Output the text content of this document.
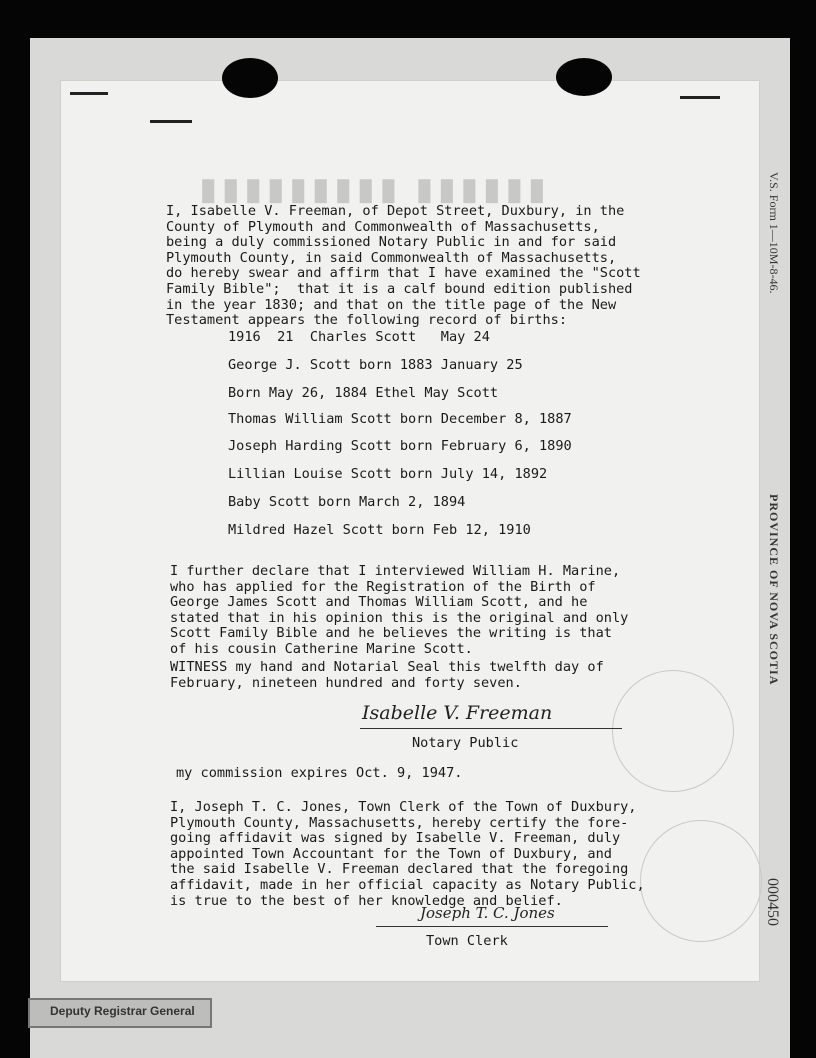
▮▮▮▮▮▮▮▮▮ ▮▮▮▮▮▮
I, Isabelle V. Freeman, of Depot Street, Duxbury, in the
County of Plymouth and Commonwealth of Massachusetts,
being a duly commissioned Notary Public in and for said
Plymouth County, in said Commonwealth of Massachusetts,
do hereby swear and affirm that I have examined the "Scott
Family Bible";  that it is a calf bound edition published
in the year 1830; and that on the title page of the New
Testament appears the following record of births:
1916  21  Charles Scott   May 24
George J. Scott born 1883 January 25
Born May 26, 1884 Ethel May Scott
Thomas William Scott born December 8, 1887
Joseph Harding Scott born February 6, 1890
Lillian Louise Scott born July 14, 1892
Baby Scott born March 2, 1894
Mildred Hazel Scott born Feb 12, 1910
I further declare that I interviewed William H. Marine,
who has applied for the Registration of the Birth of
George James Scott and Thomas William Scott, and he
stated that in his opinion this is the original and only
Scott Family Bible and he believes the writing is that
of his cousin Catherine Marine Scott.
WITNESS my hand and Notarial Seal this twelfth day of
February, nineteen hundred and forty seven.
Isabelle V. Freeman
Notary Public
my commission expires Oct. 9, 1947.
I, Joseph T. C. Jones, Town Clerk of the Town of Duxbury,
Plymouth County, Massachusetts, hereby certify the fore-
going affidavit was signed by Isabelle V. Freeman, duly
appointed Town Accountant for the Town of Duxbury, and
the said Isabelle V. Freeman declared that the foregoing
affidavit, made in her official capacity as Notary Public,
is true to the best of her knowledge and belief.
Joseph T. C. Jones
Town Clerk
V.S. Form 1—10M-8-46.
PROVINCE OF NOVA SCOTIA
000450
Deputy Registrar General
